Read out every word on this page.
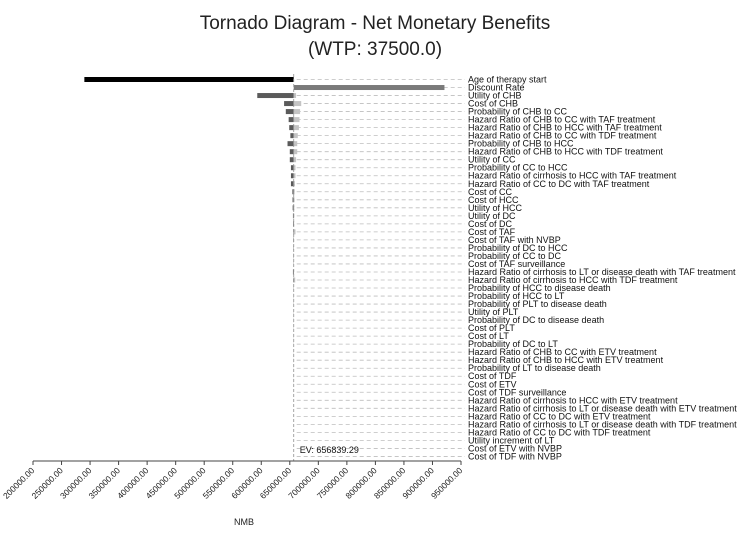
Tornado Diagram - Net Monetary Benefits
(WTP: 37500.0)
Age of therapy start
Discount Rate
Utility of CHB
Cost of CHB
Probability of CHB to CC
Hazard Ratio of CHB to CC with TAF treatment
Hazard Ratio of CHB to HCC with TAF treatment
Hazard Ratio of CHB to CC with TDF treatment
Probability of CHB to HCC
Hazard Ratio of CHB to HCC with TDF treatment
Utility of CC
Probability of CC to HCC
Hazard Ratio of cirrhosis to HCC with TAF treatment
Hazard Ratio of CC to DC with TAF treatment
Cost of CC
Cost of HCC
Utility of HCC
Utility of DC
Cost of DC
Cost of TAF
Cost of TAF with NVBP
Probability of DC to HCC
Probability of CC to DC
Cost of TAF surveillance
Hazard Ratio of cirrhosis to LT or disease death with TAF treatment
Hazard Ratio of cirrhosis to HCC with TDF treatment
Probability of HCC to disease death
Probability of HCC to LT
Probability of PLT to disease death
Utility of PLT
Probability of DC to disease death
Cost of PLT
Cost of LT
Probability of DC to LT
Hazard Ratio of CHB to CC with ETV treatment
Hazard Ratio of CHB to HCC with ETV treatment
Probability of LT to disease death
Cost of TDF
Cost of ETV
Cost of TDF surveillance
Hazard Ratio of cirrhosis to HCC with ETV treatment
Hazard Ratio of cirrhosis to LT or disease death with ETV treatment
Hazard Ratio of CC to DC with ETV treatment
Hazard Ratio of cirrhosis to LT or disease death with TDF treatment
Hazard Ratio of CC to DC with TDF treatment
Utility increment of LT
Cost of ETV with NVBP
Cost of TDF with NVBP
EV: 656839.29
200000.00
250000.00
300000.00
350000.00
400000.00
450000.00
500000.00
550000.00
600000.00
650000.00
700000.00
750000.00
800000.00
850000.00
900000.00
950000.00
NMB
